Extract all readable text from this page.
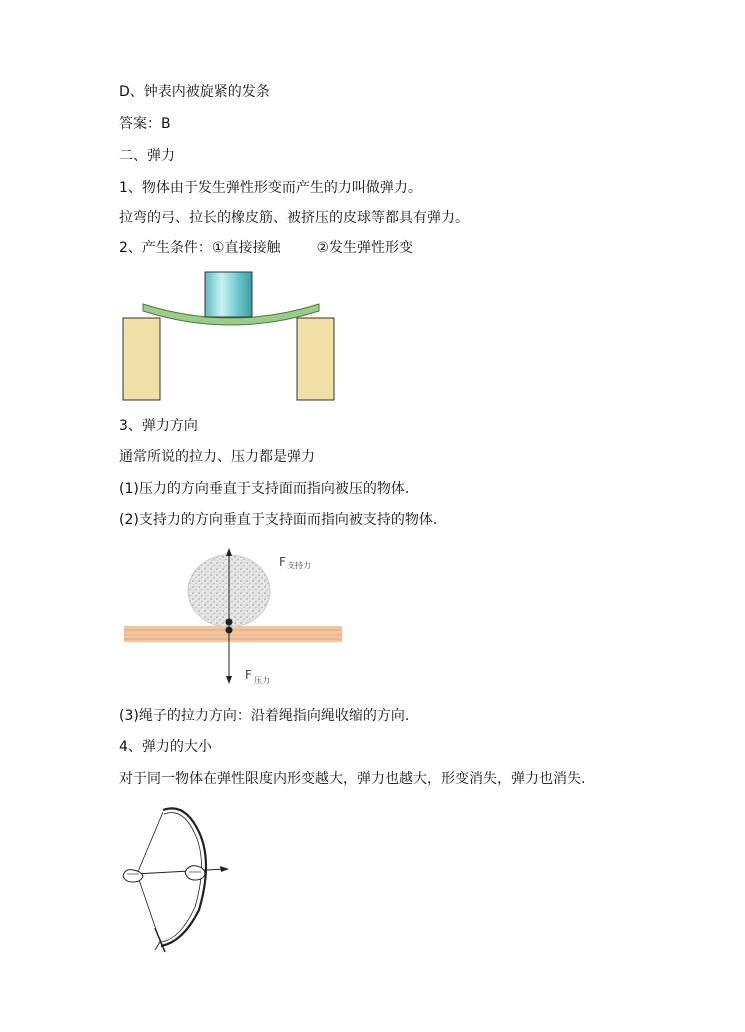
D、钟表内被旋紧的发条
答案：B
二、弹力
1、物体由于发生弹性形变而产生的力叫做弹力。
拉弯的弓、拉长的橡皮筋、被挤压的皮球等都具有弹力。
2、产生条件：①直接接触	②发生弹性形变
3、弹力方向
通常所说的拉力、压力都是弹力
(1)压力的方向垂直于支持面而指向被压的物体.
(2)支持力的方向垂直于支持面而指向被支持的物体.
F 支持力
F 压力
(3)绳子的拉力方向：沿着绳指向绳收缩的方向.
4、弹力的大小
对于同一物体在弹性限度内形变越大，弹力也越大，形变消失，弹力也消失.
